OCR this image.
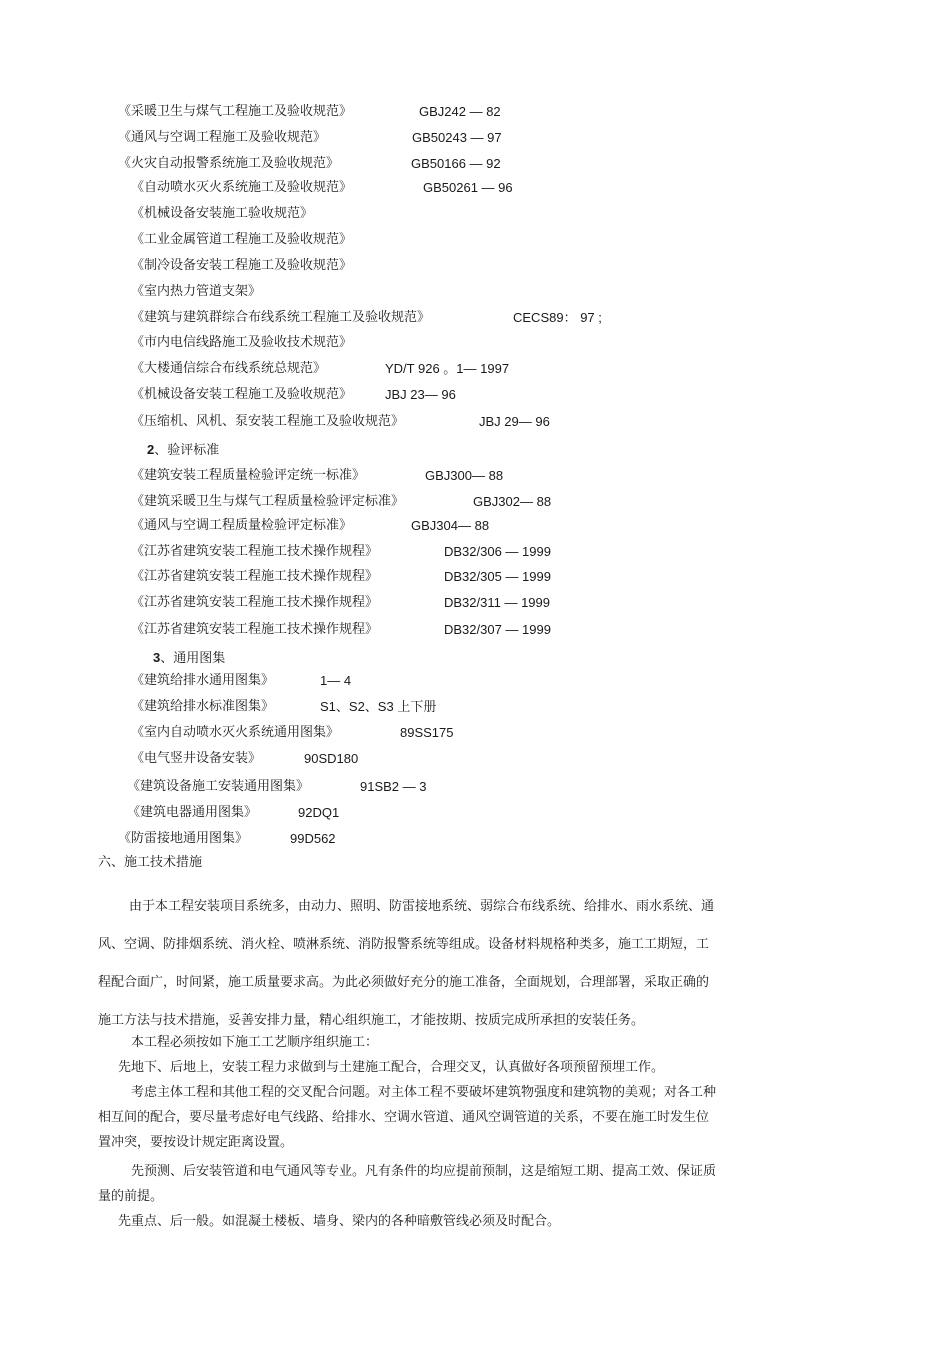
《采暖卫生与煤气工程施工及验收规范》	GBJ242 — 82
《通风与空调工程施工及验收规范》	GB50243 — 97
《火灾自动报警系统施工及验收规范》	GB50166 — 92
《自动喷水灭火系统施工及验收规范》	GB50261 — 96
《机械设备安装施工验收规范》
《工业金属管道工程施工及验收规范》
《制冷设备安装工程施工及验收规范》
《室内热力管道支架》
《建筑与建筑群综合布线系统工程施工及验收规范》	CECS89： 97 ;
《市内电信线路施工及验收技术规范》
《大楼通信综合布线系统总规范》	YD/T 926 。1— 1997
《机械设备安装工程施工及验收规范》	JBJ 23— 96
《压缩机、风机、泵安装工程施工及验收规范》	JBJ 29— 96
2、验评标准
《建筑安装工程质量检验评定统一标准》	GBJ300— 88
《建筑采暖卫生与煤气工程质量检验评定标准》	GBJ302— 88
《通风与空调工程质量检验评定标准》	GBJ304— 88
《江苏省建筑安装工程施工技术操作规程》	DB32/306 — 1999
《江苏省建筑安装工程施工技术操作规程》	DB32/305 — 1999
《江苏省建筑安装工程施工技术操作规程》	DB32/311 — 1999
《江苏省建筑安装工程施工技术操作规程》	DB32/307 — 1999
3、通用图集
《建筑给排水通用图集》	1— 4
《建筑给排水标准图集》	S1、S2、S3 上下册
《室内自动喷水灭火系统通用图集》	89SS175
《电气竖井设备安装》	90SD180
《建筑设备施工安装通用图集》	91SB2 — 3
《建筑电器通用图集》	92DQ1
《防雷接地通用图集》	99D562
六、施工技术措施
由于本工程安装项目系统多，由动力、照明、防雷接地系统、弱综合布线系统、给排水、雨水系统、通
风、空调、防排烟系统、消火栓、喷淋系统、消防报警系统等组成。设备材料规格种类多，施工工期短，工
程配合面广，时间紧，施工质量要求高。为此必须做好充分的施工准备，全面规划，合理部署，采取正确的
施工方法与技术措施，妥善安排力量，精心组织施工，才能按期、按质完成所承担的安装任务。
本工程必须按如下施工工艺顺序组织施工：
先地下、后地上，安装工程力求做到与土建施工配合，合理交叉，认真做好各项预留预埋工作。
考虑主体工程和其他工程的交叉配合问题。对主体工程不要破坏建筑物强度和建筑物的美观；对各工种
相互间的配合，要尽量考虑好电气线路、给排水、空调水管道、通风空调管道的关系，不要在施工时发生位
置冲突，要按设计规定距离设置。
先预测、后安装管道和电气通风等专业。凡有条件的均应提前预制，这是缩短工期、提高工效、保证质
量的前提。
先重点、后一般。如混凝土楼板、墙身、梁内的各种暗敷管线必须及时配合。
